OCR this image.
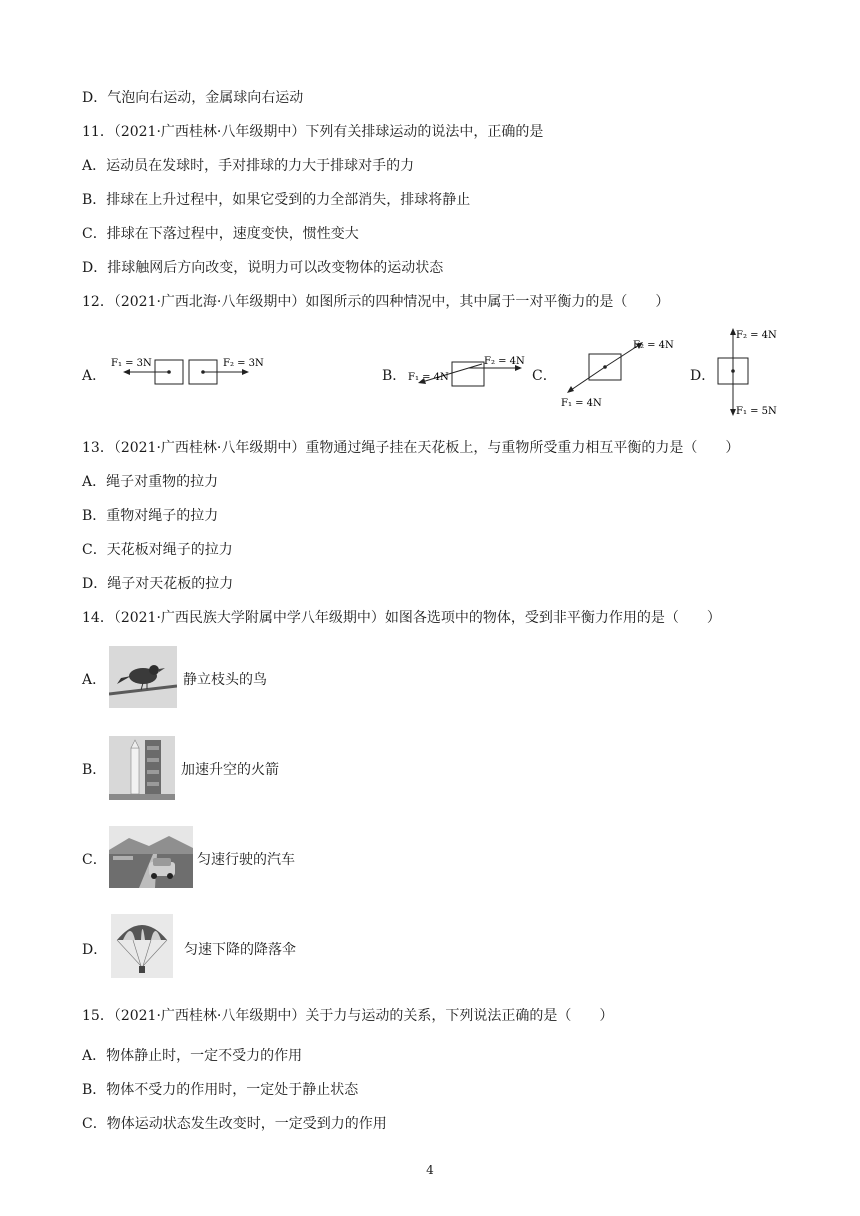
D．气泡向右运动，金属球向右运动
11．（2021·广西桂林·八年级期中）下列有关排球运动的说法中，正确的是
A．运动员在发球时，手对排球的力大于排球对手的力
B．排球在上升过程中，如果它受到的力全部消失，排球将静止
C．排球在下落过程中，速度变快，惯性变大
D．排球触网后方向改变，说明力可以改变物体的运动状态
12．（2021·广西北海·八年级期中）如图所示的四种情况中，其中属于一对平衡力的是（　　）
A．
F₁ = 3N	F₂ = 3N
B． F₁ = 4N
F₂ = 4N
C．
F₂ = 4N
F₁ = 4N
D．
F₂ = 4N
F₁ = 5N
13．（2021·广西桂林·八年级期中）重物通过绳子挂在天花板上，与重物所受重力相互平衡的力是（　　）
A．绳子对重物的拉力
B．重物对绳子的拉力
C．天花板对绳子的拉力
D．绳子对天花板的拉力
14．（2021·广西民族大学附属中学八年级期中）如图各选项中的物体，受到非平衡力作用的是（　　）
A．	静立枝头的鸟
B．	加速升空的火箭
C．	匀速行驶的汽车
D．	匀速下降的降落伞
15．（2021·广西桂林·八年级期中）关于力与运动的关系，下列说法正确的是（　　）
A．物体静止时，一定不受力的作用
B．物体不受力的作用时，一定处于静止状态
C．物体运动状态发生改变时，一定受到力的作用
4
